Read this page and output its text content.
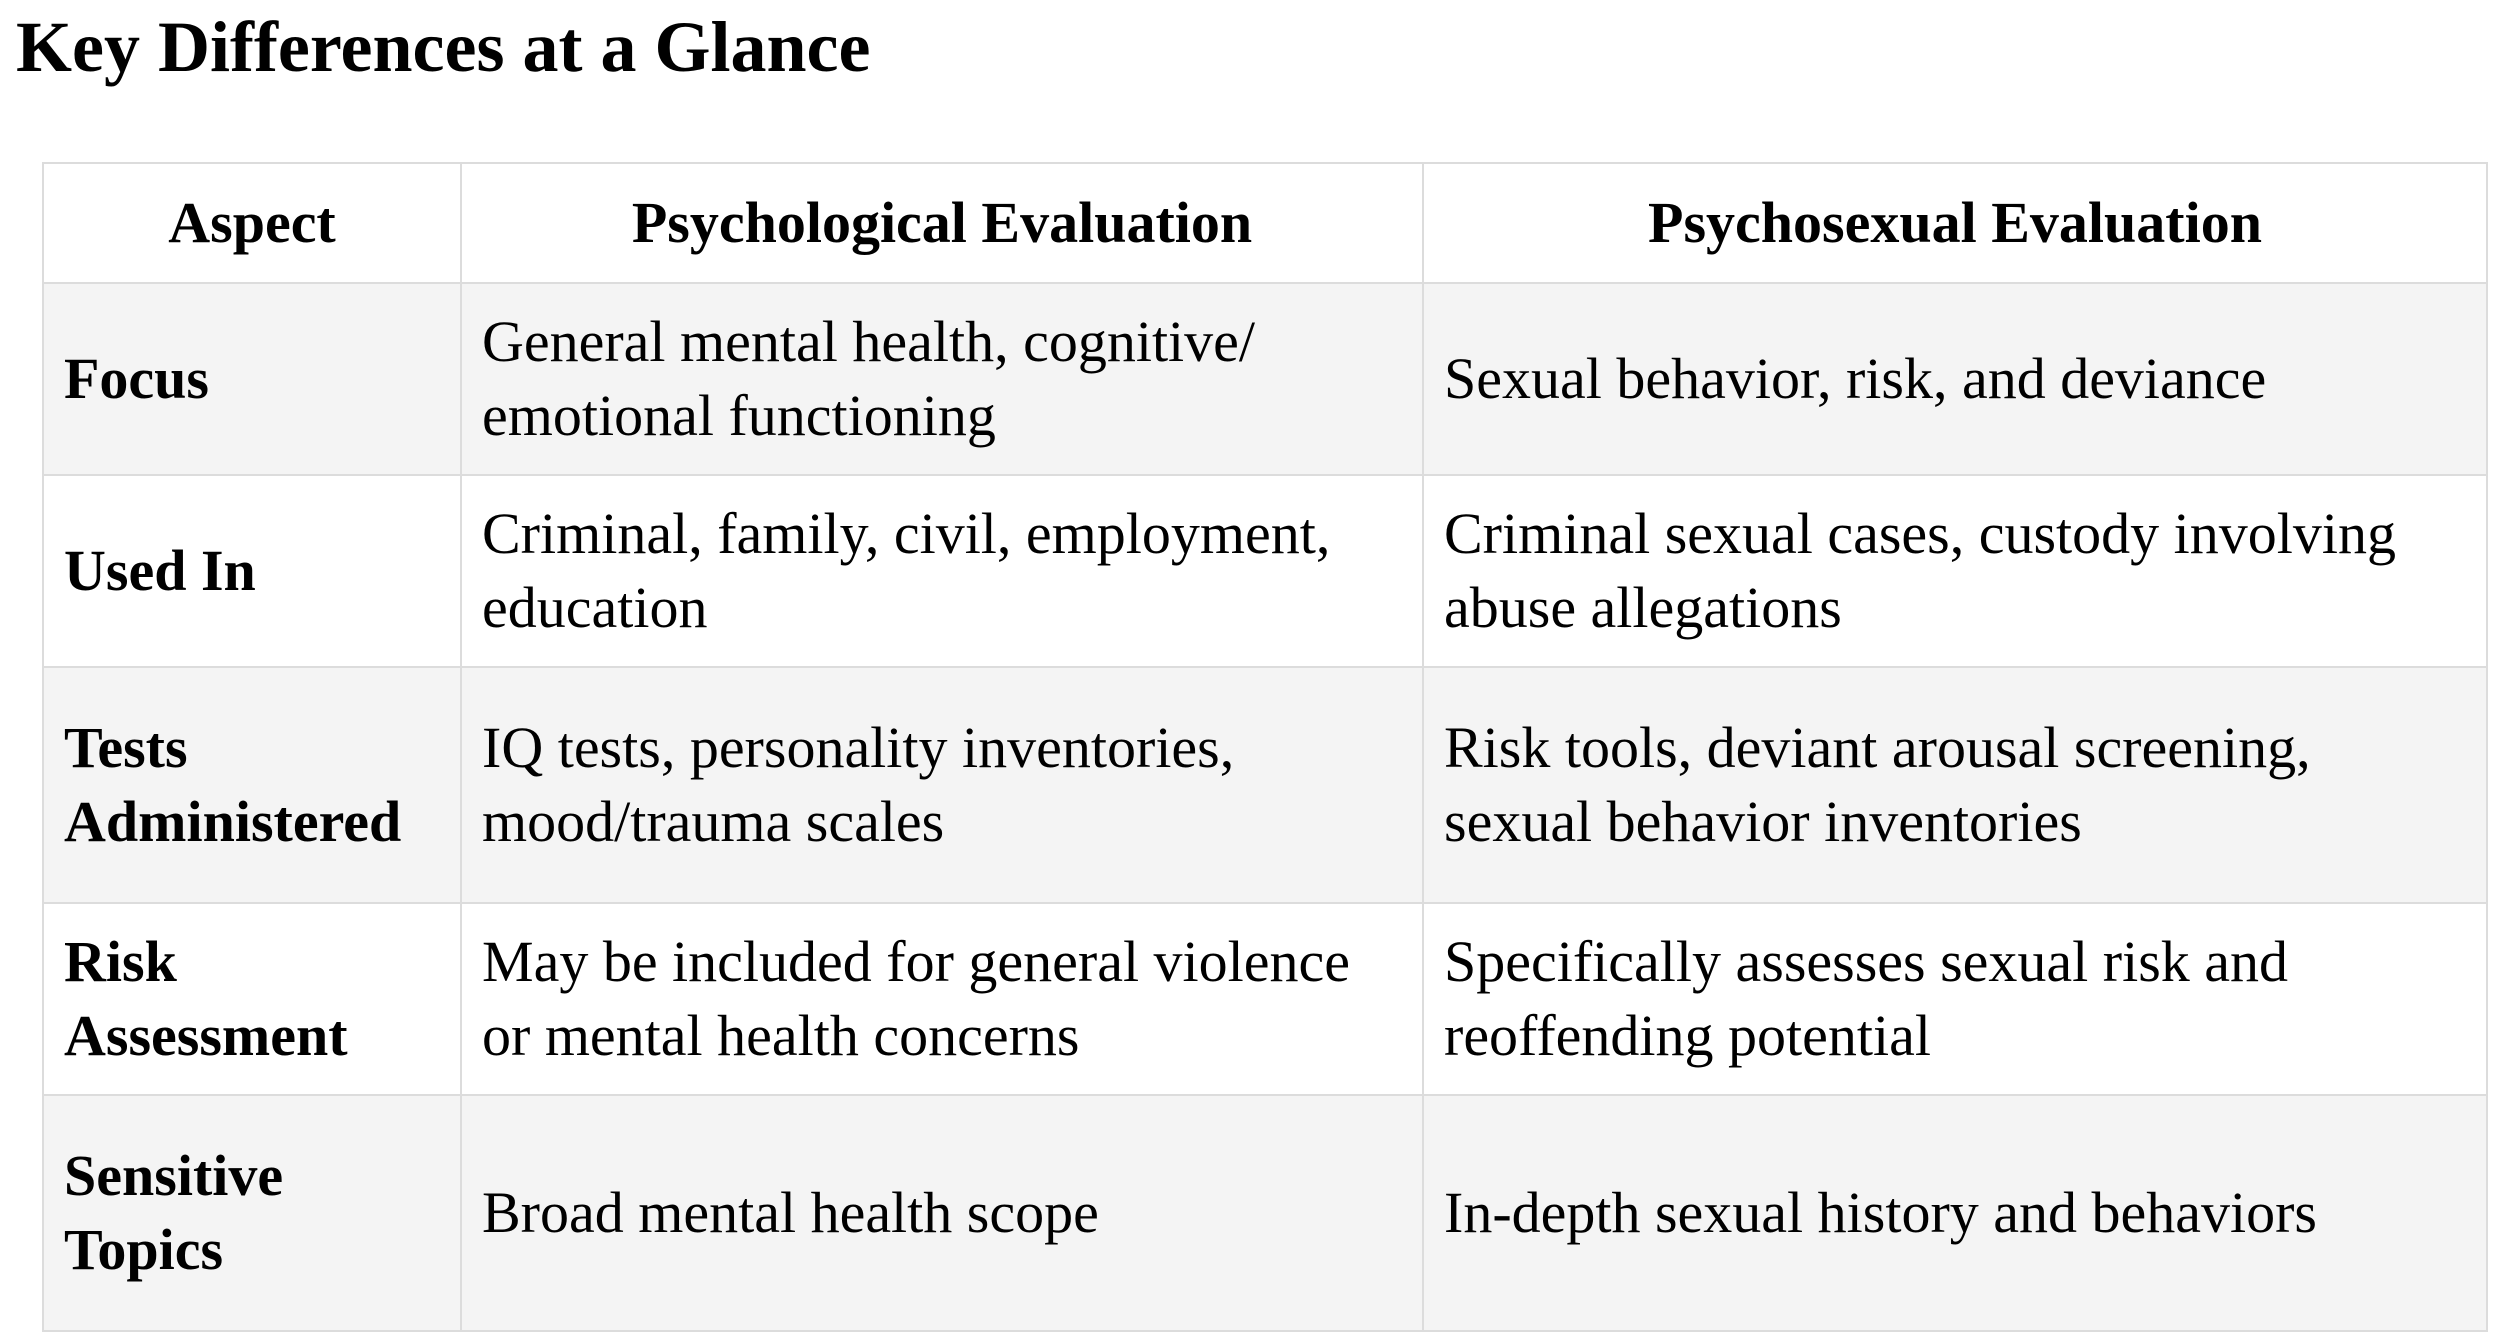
Key Differences at a Glance
Aspect	Psychological Evaluation	Psychosexual Evaluation
Focus	General mental health, cognitive/ emotional functioning	Sexual behavior, risk, and deviance
Used In	Criminal, family, civil, employment, education	Criminal sexual cases, custody involving abuse allegations
Tests Administered	IQ tests, personality inventories, mood/trauma scales	Risk tools, deviant arousal screening, sexual behavior inventories
Risk Assessment	May be included for general violence or mental health concerns	Specifically assesses sexual risk and reoffending potential
Sensitive Topics	Broad mental health scope	In-depth sexual history and behaviors
